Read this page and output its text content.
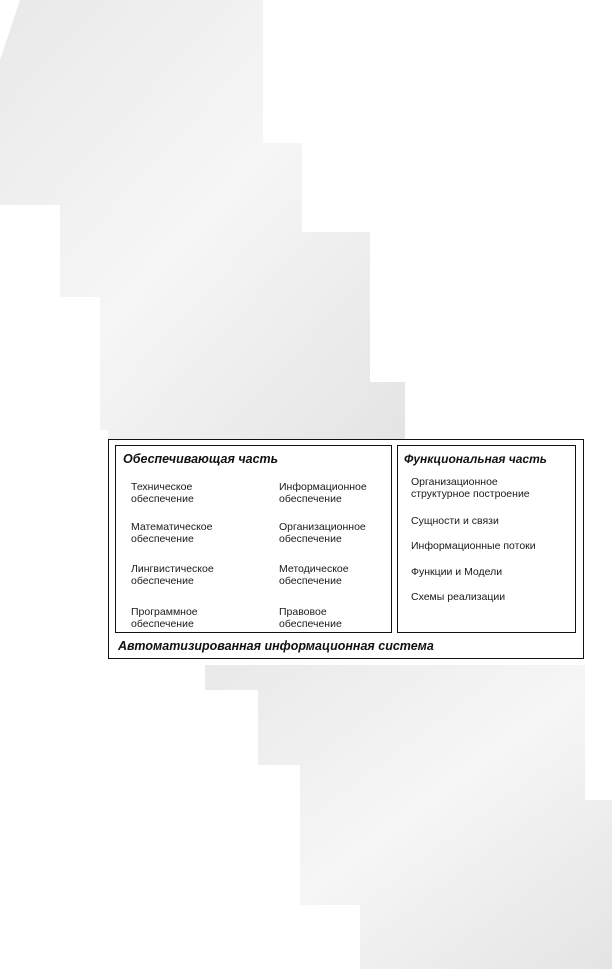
Обеспечивающая часть
Техническое
обеспечение
Математическое
обеспечение
Лингвистическое
обеспечение
Программное
обеспечение
Информационное
обеспечение
Организационное
обеспечение
Методическое
обеспечение
Правовое
обеспечение
Функциональная часть
Организационное
структурное построение
Сущности и связи
Информационные потоки
Функции и Модели
Схемы реализации
Автоматизированная информационная система
